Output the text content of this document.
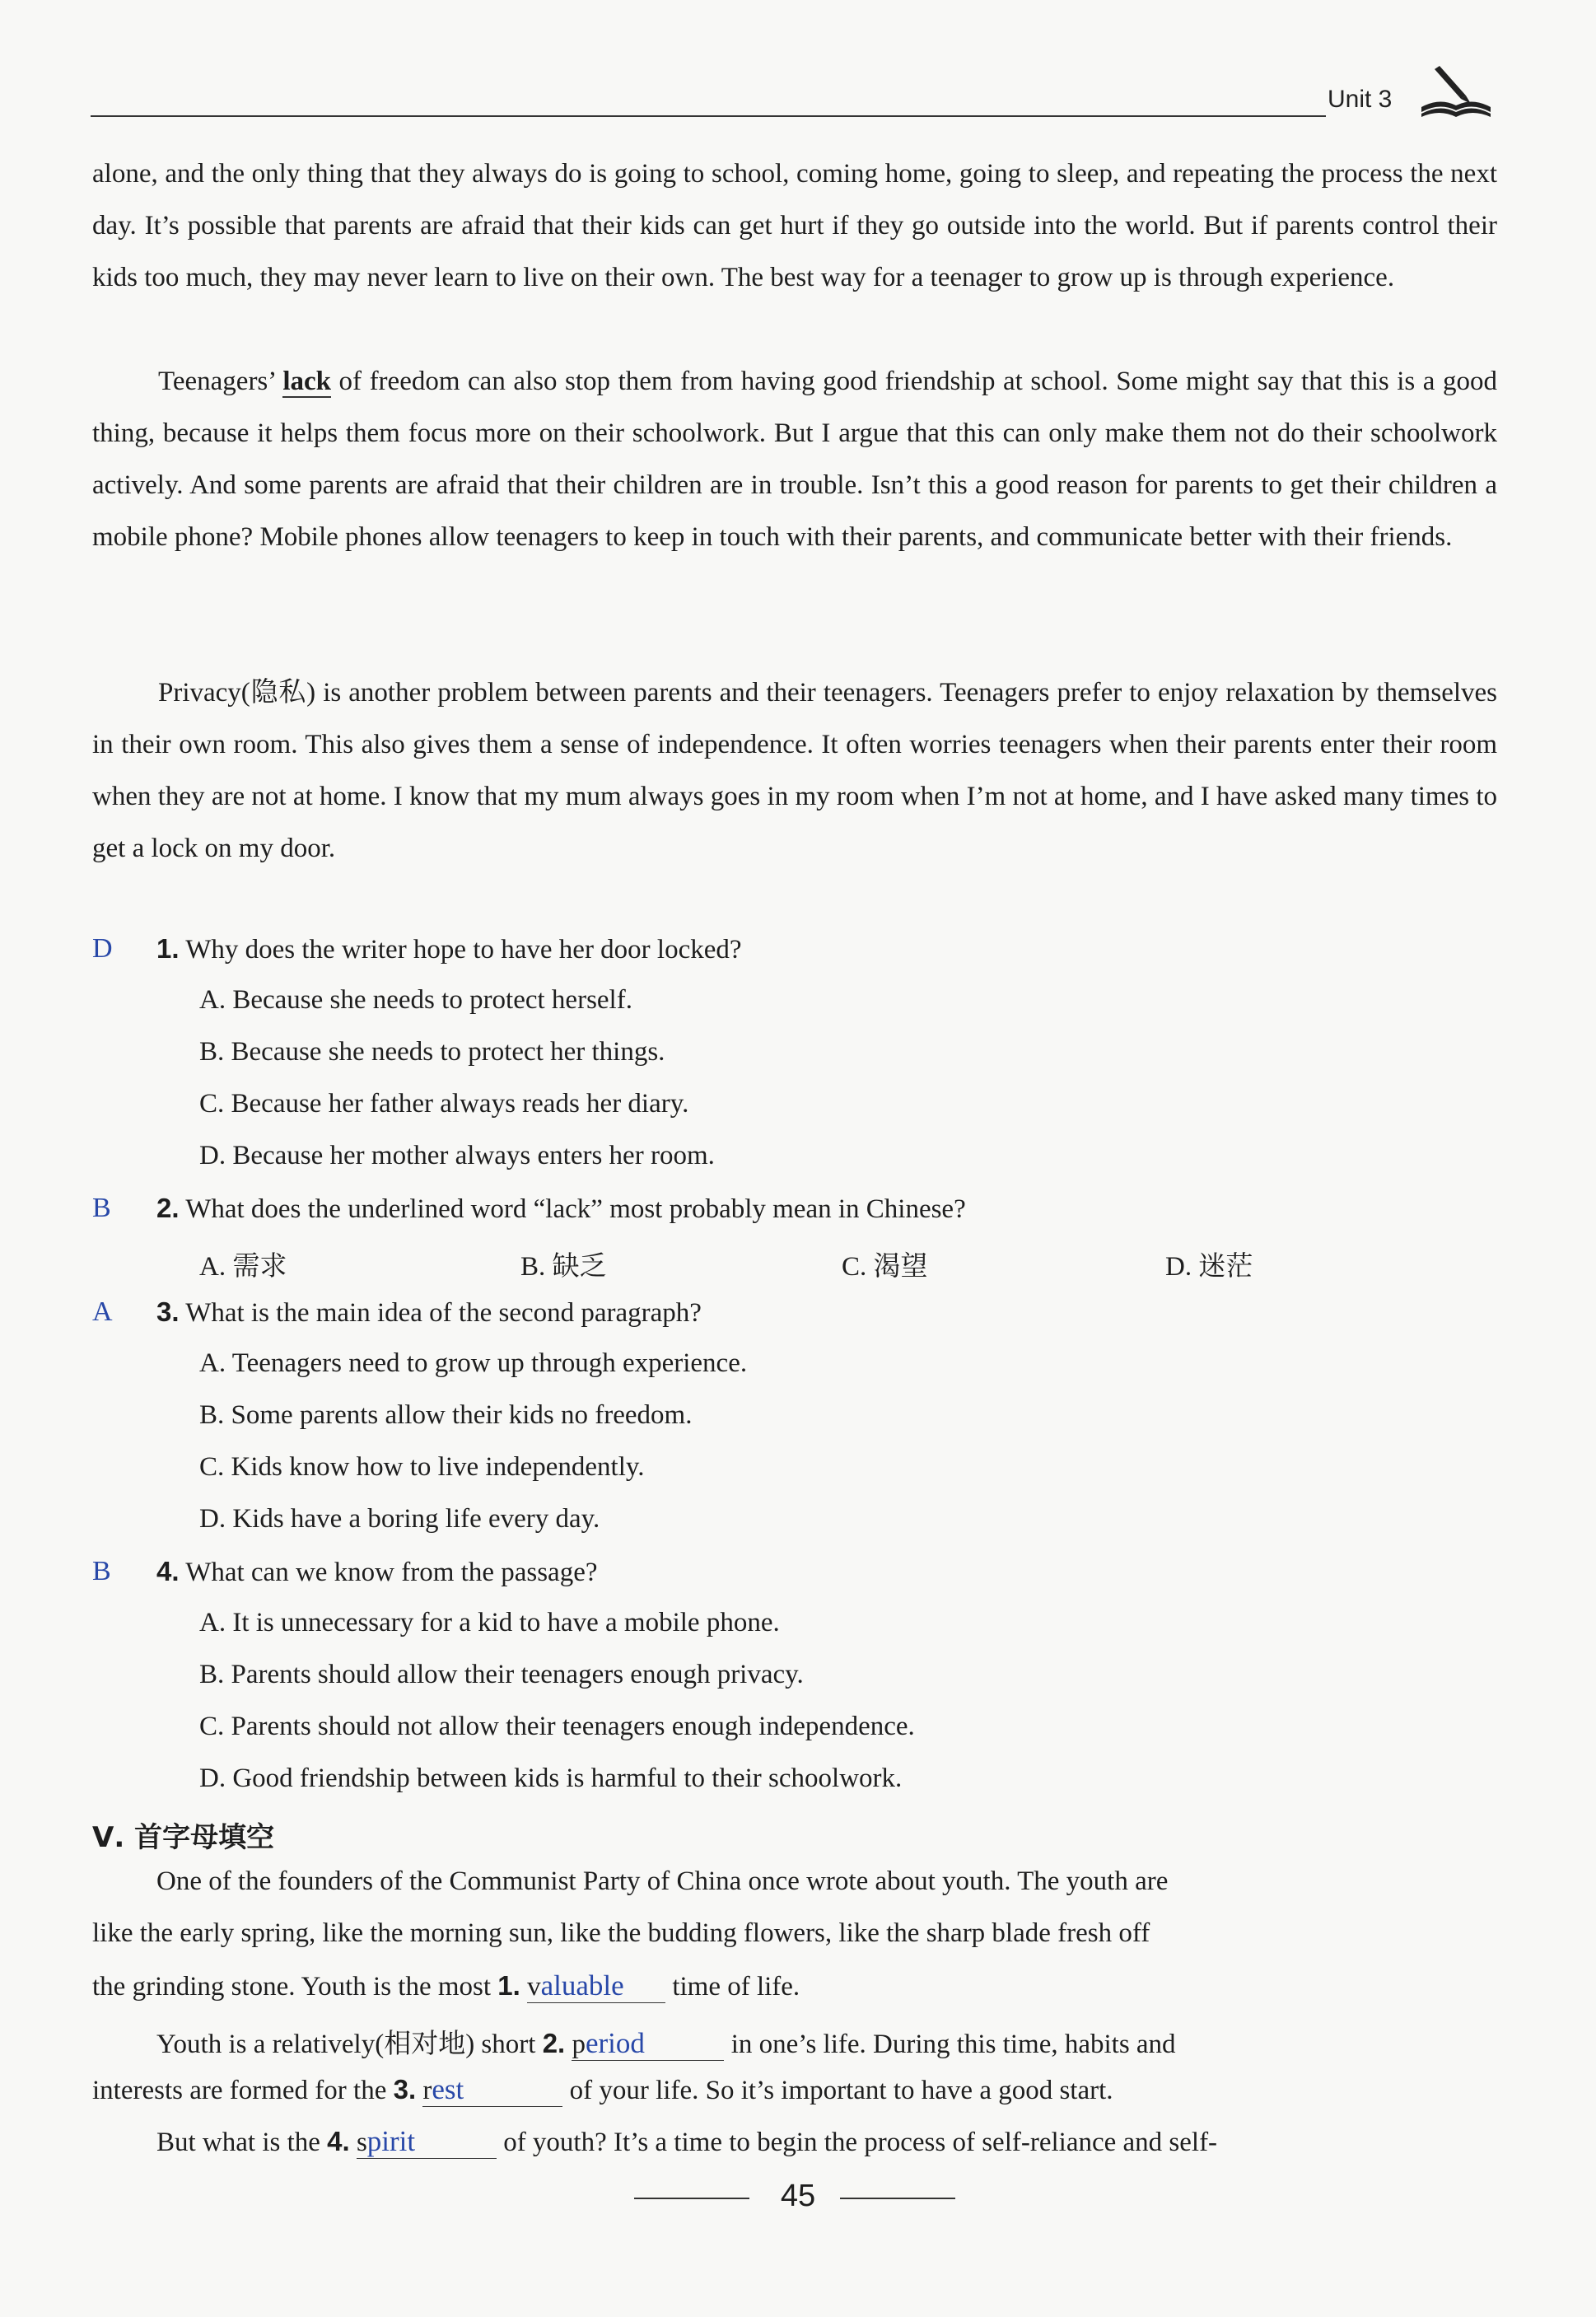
Unit 3

alone, and the only thing that they always do is going to school, coming home, going to sleep, and repeating the process the next day. It’s possible that parents are afraid that their kids can get hurt if they go outside into the world. But if parents control their kids too much, they may never learn to live on their own. The best way for a teenager to grow up is through experience.

Teenagers’ lack of freedom can also stop them from having good friendship at school. Some might say that this is a good thing, because it helps them focus more on their schoolwork. But I argue that this can only make them not do their schoolwork actively. And some parents are afraid that their children are in trouble. Isn’t this a good reason for parents to get their children a mobile phone? Mobile phones allow teenagers to keep in touch with their parents, and communicate better with their friends.

Privacy(隐私) is another problem between parents and their teenagers. Teenagers prefer to enjoy relaxation by themselves in their own room. This also gives them a sense of independence. It often worries teenagers when their parents enter their room when they are not at home. I know that my mum always goes in my room when I’m not at home, and I have asked many times to get a lock on my door.

D 1. Why does the writer hope to have her door locked?
A. Because she needs to protect herself.
B. Because she needs to protect her things.
C. Because her father always reads her diary.
D. Because her mother always enters her room.
B 2. What does the underlined word “lack” most probably mean in Chinese?
A. 需求	B. 缺乏	C. 渴望	D. 迷茫
A 3. What is the main idea of the second paragraph?
A. Teenagers need to grow up through experience.
B. Some parents allow their kids no freedom.
C. Kids know how to live independently.
D. Kids have a boring life every day.
B 4. What can we know from the passage?
A. It is unnecessary for a kid to have a mobile phone.
B. Parents should allow their teenagers enough privacy.
C. Parents should not allow their teenagers enough independence.
D. Good friendship between kids is harmful to their schoolwork.
Ⅴ. 首字母填空
One of the founders of the Communist Party of China once wrote about youth. The youth are
like the early spring, like the morning sun, like the budding flowers, like the sharp blade fresh off
the grinding stone. Youth is the most 1. valuable time of life.
Youth is a relatively(相对地) short 2. period	in one’s life. During this time, habits and
interests are formed for the 3. rest	of your life. So it’s important to have a good start.
But what is the 4. spirit	of youth? It’s a time to begin the process of self-reliance and self-
45
